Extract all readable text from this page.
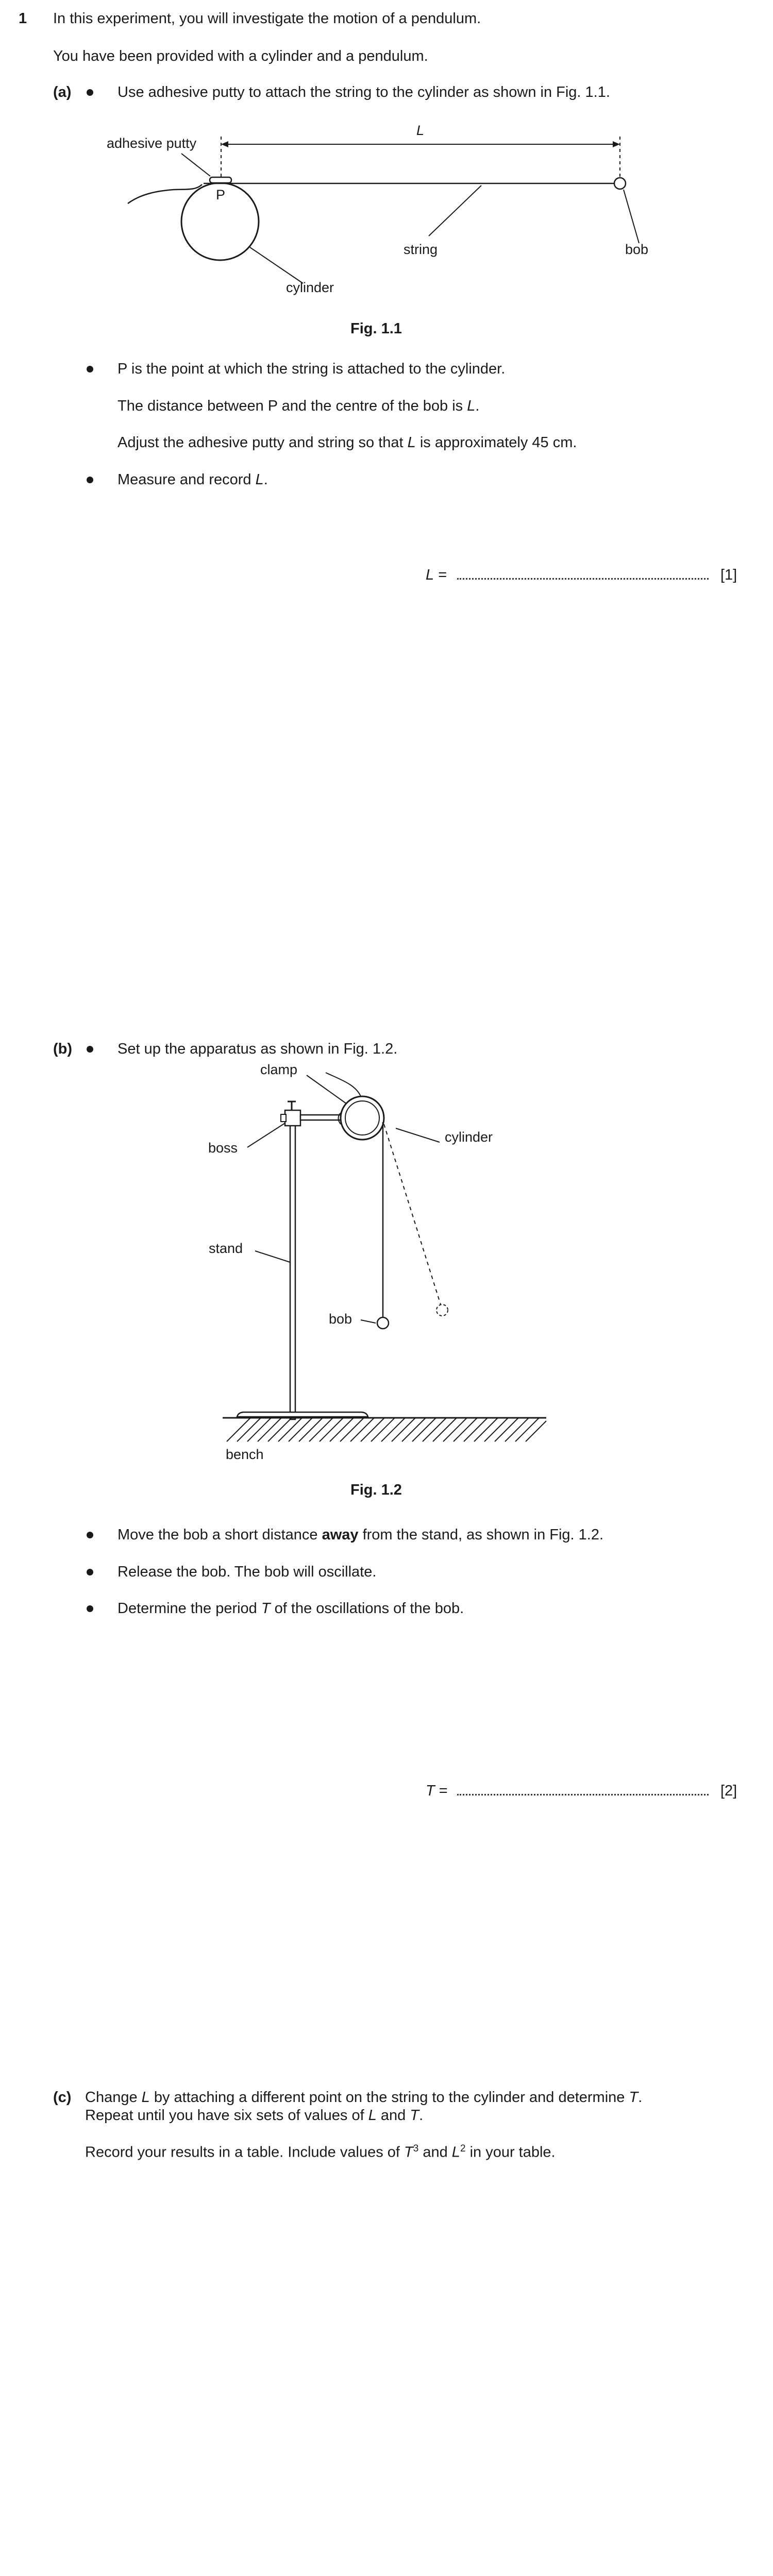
1 In this experiment, you will investigate the motion of a pendulum.
You have been provided with a cylinder and a pendulum.
(a)	Use adhesive putty to attach the string to the cylinder as shown in Fig. 1.1.
adhesive putty
L
P
string	bob
cylinder
Fig. 1.1
P is the point at which the string is attached to the cylinder.
The distance between P and the centre of the bob is L.
Adjust the adhesive putty and string so that L is approximately 45 cm.
Measure and record L.
L =	[1]
(b)	Set up the apparatus as shown in Fig. 1.2.
clamp
boss
cylinder
stand
bob
bench
Fig. 1.2
Move the bob a short distance away from the stand, as shown in Fig. 1.2.
Release the bob. The bob will oscillate.
Determine the period T of the oscillations of the bob.
T =	[2]
(c) Change L by attaching a different point on the string to the cylinder and determine T.
Repeat until you have six sets of values of L and T.
Record your results in a table. Include values of $T^3$ and $L^2$ in your table.
